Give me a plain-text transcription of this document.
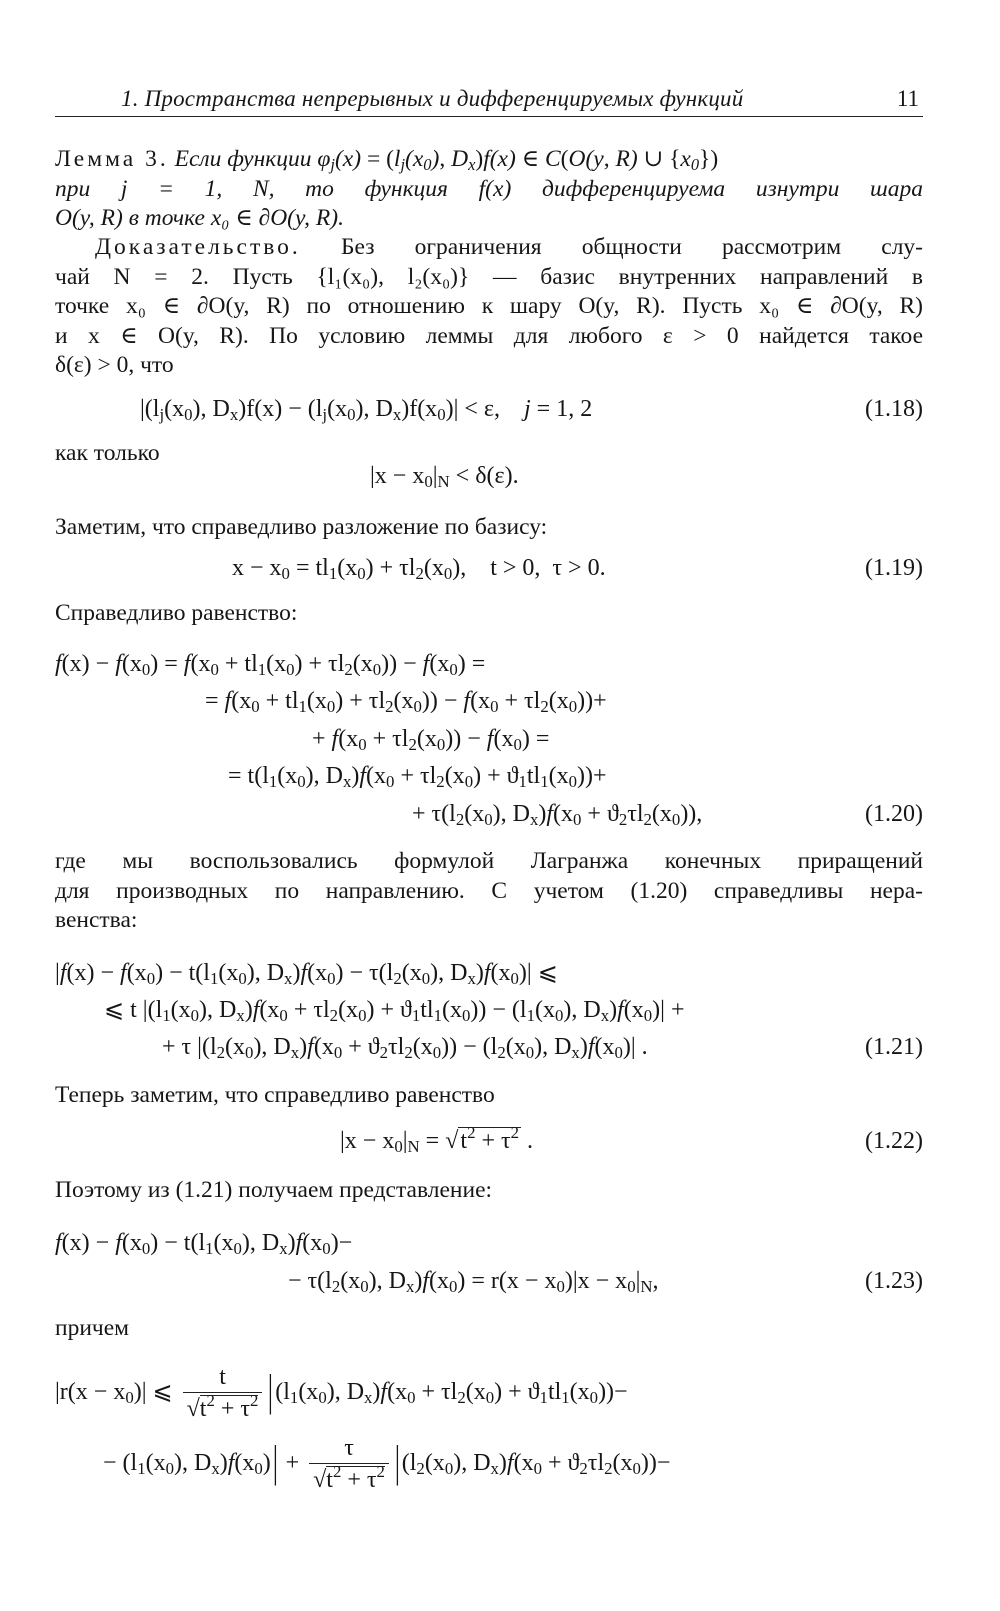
1. Пространства непрерывных и дифференцируемых функций	11
Лемма 3. Если функции $\varphi_j(x) = (l_j(x_0)$, $D_x)f(x)$ ∈ C(O(y, R) ∪ $\{x_0\}$)
при j = 1, N, то функция f(x) дифференцируема изнутри шара
O(y, R) в точке x₀ ∈ ∂O(y, R).
Доказательство. Без ограничения общности рассмотрим слу-
чай N = 2. Пусть {l₁(x₀), l₂(x₀)} — базис внутренних направлений в
точке x₀ ∈ ∂O(y, R) по отношению к шару O(y, R). Пусть x₀ ∈ ∂O(y, R)
и x ∈ O(y, R). По условию леммы для любого ε > 0 найдется такое
δ(ε) > 0, что
$|(l_j(x_0)$, $D_x)f(x) - (l_j(x_0)$, $D_x)f(x_0)| < \varepsilon$,    j = 1, 2	(1.18)
как только
$|x - x_0|_N < \delta(\varepsilon)$.
Заметим, что справедливо разложение по базису:
$x - x_0 = tl_1(x_0) + \tau l_2(x_0)$,    t > 0,  τ > 0.	(1.19)
Справедливо равенство:
$f(x) - f(x_0) = f(x_0 + tl_1(x_0) + \tau l_2(x_0)) - f(x_0)$ =
= $f(x_0 + tl_1(x_0) + \tau l_2(x_0)) - f(x_0 + \tau l_2(x_0))+$
+ $f(x_0 + \tau l_2(x_0)) - f(x_0)$ =
= $t(l_1(x_0)$, $D_x)f(x_0 + \tau l_2(x_0) + ϑ_1tl_1(x_0))+$
+ $\tau(l_2(x_0)$, $D_x)f(x_0 + ϑ_2\tau l_2(x_0))$,	(1.20)
где мы воспользовались формулой Лагранжа конечных приращений
для производных по направлению. С учетом (1.20) справедливы нера-
венства:
$|f(x) - f(x_0) - t(l_1(x_0)$, $D_x)f(x_0) - \tau(l_2(x_0)$, $D_x)f(x_0)|$ ⩽
⩽ t $|(l_1(x_0)$, $D_x)f(x_0 + \tau l_2(x_0) + ϑ_1tl_1(x_0)) - (l_1(x_0)$, $D_x)f(x_0)|$ +
+ τ $|(l_2(x_0)$, $D_x)f(x_0 + ϑ_2\tau l_2(x_0)) - (l_2(x_0)$, $D_x)f(x_0)|$ .	(1.21)
Теперь заметим, что справедливо равенство
$|x - x_0|_N = √t^2 + \tau^2$ .	(1.22)
Поэтому из (1.21) получаем представление:
$f(x) - f(x_0) - t(l_1(x_0)$, $D_x)f(x_0)-$
− $\tau(l_2(x_0)$, $D_x)f(x_0) = r(x - x_0)|x - x_0|_N$,	(1.23)
причем
$|r(x - x_0)|$ ⩽ $\frac{t}{√t^2 + \tau^2} |(l_1(x_0)$, $D_x)f(x_0 + \tau l_2(x_0) + ϑ_1tl_1(x_0))-$
− ($l_1(x_0)$, $D_x)f(x_0)| + \frac{\tau}{√t^2 + \tau^2} |(l_2(x_0)$, $D_x)f(x_0 + ϑ_2\tau l_2(x_0))-$
